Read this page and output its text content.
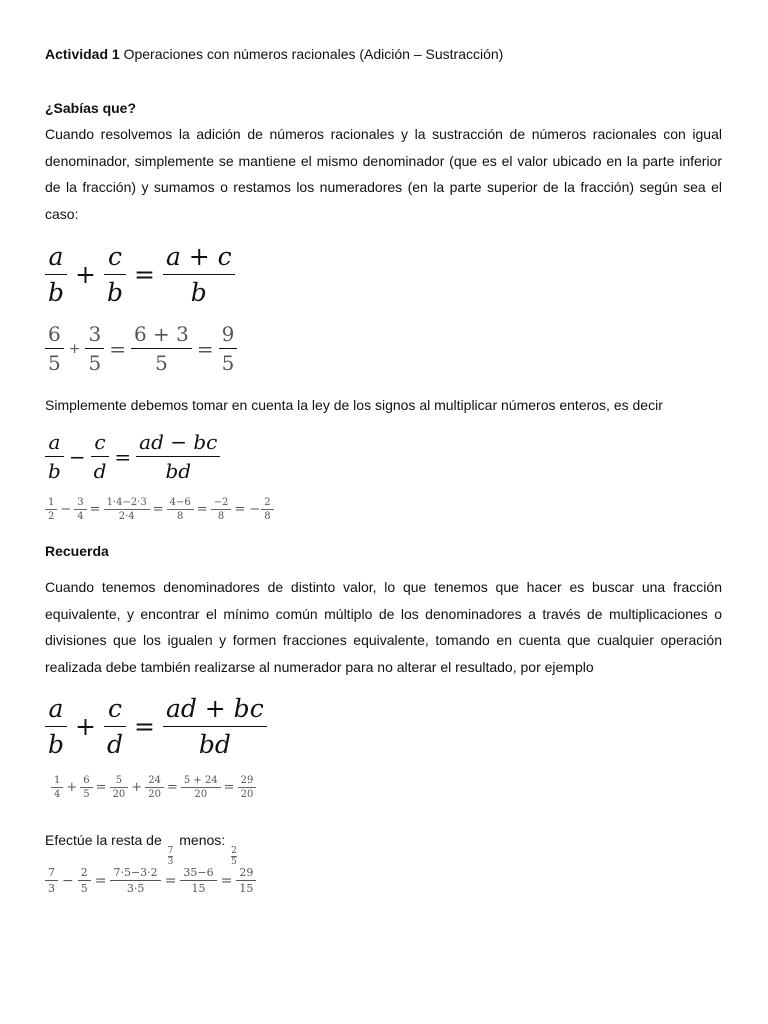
Actividad 1 Operaciones con números racionales (Adición – Sustracción)
¿Sabías que?
Cuando resolvemos la adición de números racionales y la sustracción de números racionales con igual denominador, simplemente se mantiene el mismo denominador (que es el valor ubicado en la parte inferior de la fracción) y sumamos o restamos los numeradores (en la parte superior de la fracción) según sea el caso:
$\frac{a}{b} + \frac{c}{b} = \frac{a + c}{b}$
$\frac{6}{5} + \frac{3}{5} = \frac{6 + 3}{5} = \frac{9}{5}$
Simplemente debemos tomar en cuenta la ley de los signos al multiplicar números enteros, es decir
$\frac{a}{b} - \frac{c}{d} = \frac{ad - bc}{bd}$
$\frac{1}{2} - \frac{3}{4} = \frac{1\cdot 4-2\cdot 3}{2\cdot 4} = \frac{4-6}{8} = \frac{-2}{8}$ = − $\frac{2}{8}$
Recuerda
Cuando tenemos denominadores de distinto valor, lo que tenemos que hacer es buscar una fracción equivalente, y encontrar el mínimo común múltiplo de los denominadores a través de multiplicaciones o divisiones que los igualen y formen fracciones equivalente, tomando en cuenta que cualquier operación realizada debe también realizarse al numerador para no alterar el resultado, por ejemplo
$\frac{a}{b} + \frac{c}{d} = \frac{ad + bc}{bd}$
$\frac{1}{4} + \frac{6}{5} = \frac{5}{20} + \frac{24}{20} = \frac{5 + 24}{20} = \frac{29}{20}$
Efectúe la resta de
$\frac{7}{3}$
menos:
$\frac{2}{5}$
$\frac{7}{3} - \frac{2}{5} = \frac{7\cdot 5-3\cdot 2}{3\cdot 5} = \frac{35-6}{15} = \frac{29}{15}$
